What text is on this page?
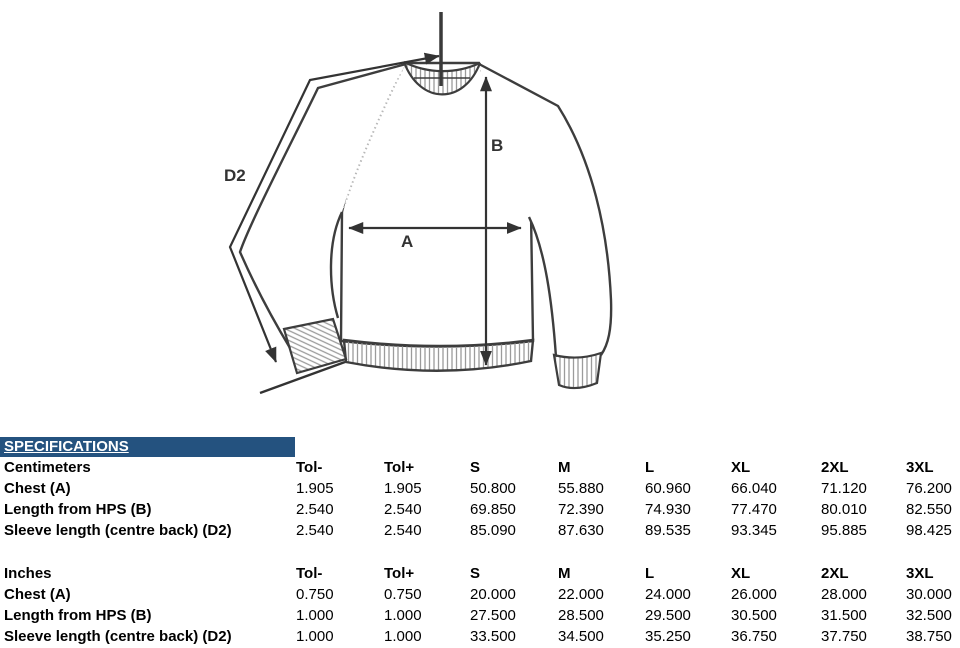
D2
B
A
SPECIFICATIONS
Centimeters	Tol-	Tol+	S	M	L	XL	2XL	3XL
Chest (A)	1.905	1.905	50.800	55.880	60.960	66.040	71.120	76.200
Length from HPS (B)	2.540	2.540	69.850	72.390	74.930	77.470	80.010	82.550
Sleeve length (centre back) (D2)	2.540	2.540	85.090	87.630	89.535	93.345	95.885	98.425

Inches	Tol-	Tol+	S	M	L	XL	2XL	3XL
Chest (A)	0.750	0.750	20.000	22.000	24.000	26.000	28.000	30.000
Length from HPS (B)	1.000	1.000	27.500	28.500	29.500	30.500	31.500	32.500
Sleeve length (centre back) (D2)	1.000	1.000	33.500	34.500	35.250	36.750	37.750	38.750
